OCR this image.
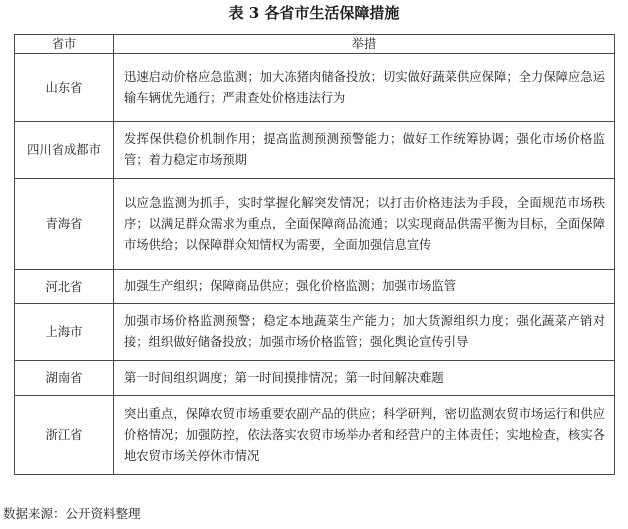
表 3 各省市生活保障措施
省市	举措
山东省	迅速启动价格应急监测；加大冻猪肉储备投放；切实做好蔬菜供应保障；全力保障应急运输车辆优先通行；严肃查处价格违法行为
四川省成都市	发挥保供稳价机制作用；提高监测预测预警能力；做好工作统筹协调；强化市场价格监管；着力稳定市场预期
青海省	以应急监测为抓手，实时掌握化解突发情况；以打击价格违法为手段，全面规范市场秩序；以满足群众需求为重点，全面保障商品流通；以实现商品供需平衡为目标，全面保障市场供给；以保障群众知情权为需要，全面加强信息宣传
河北省	加强生产组织；保障商品供应；强化价格监测；加强市场监管
上海市	加强市场价格监测预警；稳定本地蔬菜生产能力；加大货源组织力度；强化蔬菜产销对接；组织做好储备投放；加强市场价格监管；强化舆论宣传引导
湖南省	第一时间组织调度；第一时间摸排情况；第一时间解决难题
浙江省	突出重点，保障农贸市场重要农副产品的供应；科学研判，密切监测农贸市场运行和供应价格情况；加强防控，依法落实农贸市场举办者和经营户的主体责任；实地检查，核实各地农贸市场关停休市情况
数据来源：公开资料整理
